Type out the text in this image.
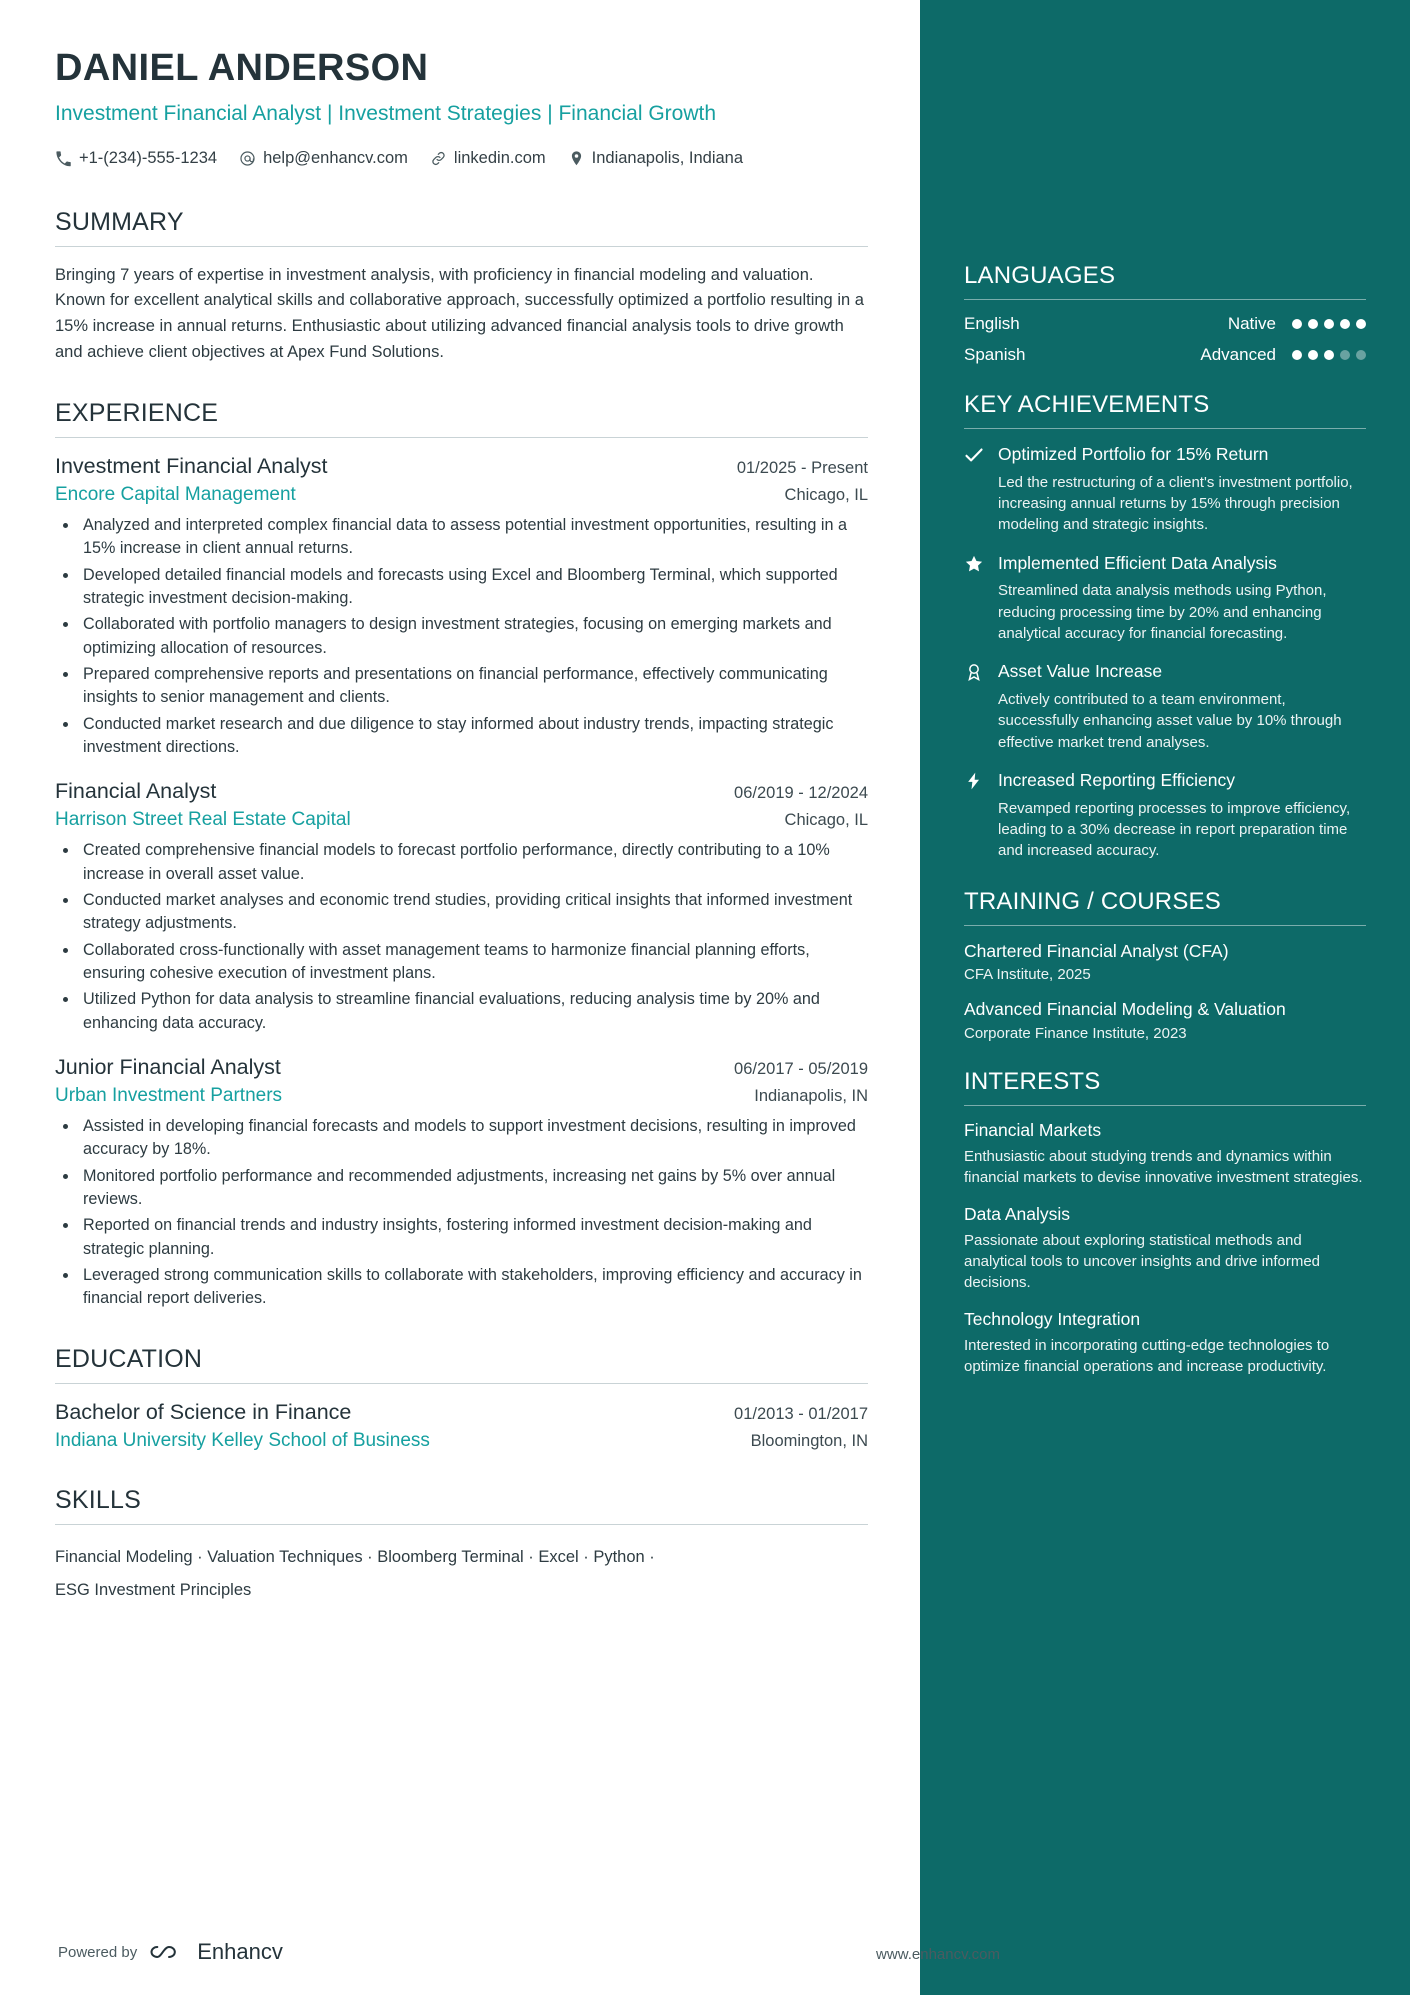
DANIEL ANDERSON
Investment Financial Analyst | Investment Strategies | Financial Growth
+1-(234)-555-1234	help@enhancv.com	linkedin.com	Indianapolis, Indiana
SUMMARY
Bringing 7 years of expertise in investment analysis, with proficiency in financial modeling and valuation. Known for excellent analytical skills and collaborative approach, successfully optimized a portfolio resulting in a 15% increase in annual returns. Enthusiastic about utilizing advanced financial analysis tools to drive growth and achieve client objectives at Apex Fund Solutions.
EXPERIENCE
Investment Financial Analyst	01/2025 - Present
Encore Capital Management	Chicago, IL
• Analyzed and interpreted complex financial data to assess potential investment opportunities, resulting in a 15% increase in client annual returns.
• Developed detailed financial models and forecasts using Excel and Bloomberg Terminal, which supported strategic investment decision-making.
• Collaborated with portfolio managers to design investment strategies, focusing on emerging markets and optimizing allocation of resources.
• Prepared comprehensive reports and presentations on financial performance, effectively communicating insights to senior management and clients.
• Conducted market research and due diligence to stay informed about industry trends, impacting strategic investment directions.
Financial Analyst	06/2019 - 12/2024
Harrison Street Real Estate Capital	Chicago, IL
• Created comprehensive financial models to forecast portfolio performance, directly contributing to a 10% increase in overall asset value.
• Conducted market analyses and economic trend studies, providing critical insights that informed investment strategy adjustments.
• Collaborated cross-functionally with asset management teams to harmonize financial planning efforts, ensuring cohesive execution of investment plans.
• Utilized Python for data analysis to streamline financial evaluations, reducing analysis time by 20% and enhancing data accuracy.
Junior Financial Analyst	06/2017 - 05/2019
Urban Investment Partners	Indianapolis, IN
• Assisted in developing financial forecasts and models to support investment decisions, resulting in improved accuracy by 18%.
• Monitored portfolio performance and recommended adjustments, increasing net gains by 5% over annual reviews.
• Reported on financial trends and industry insights, fostering informed investment decision-making and strategic planning.
• Leveraged strong communication skills to collaborate with stakeholders, improving efficiency and accuracy in financial report deliveries.
EDUCATION
Bachelor of Science in Finance	01/2013 - 01/2017
Indiana University Kelley School of Business	Bloomington, IN
SKILLS
Financial Modeling · Valuation Techniques · Bloomberg Terminal · Excel · Python ·
ESG Investment Principles
LANGUAGES
English	Native
Spanish	Advanced
KEY ACHIEVEMENTS
Optimized Portfolio for 15% Return
Led the restructuring of a client's investment portfolio, increasing annual returns by 15% through precision modeling and strategic insights.
Implemented Efficient Data Analysis
Streamlined data analysis methods using Python, reducing processing time by 20% and enhancing analytical accuracy for financial forecasting.
Asset Value Increase
Actively contributed to a team environment, successfully enhancing asset value by 10% through effective market trend analyses.
Increased Reporting Efficiency
Revamped reporting processes to improve efficiency, leading to a 30% decrease in report preparation time and increased accuracy.
TRAINING / COURSES
Chartered Financial Analyst (CFA)
CFA Institute, 2025
Advanced Financial Modeling & Valuation
Corporate Finance Institute, 2023
INTERESTS
Financial Markets
Enthusiastic about studying trends and dynamics within financial markets to devise innovative investment strategies.
Data Analysis
Passionate about exploring statistical methods and analytical tools to uncover insights and drive informed decisions.
Technology Integration
Interested in incorporating cutting-edge technologies to optimize financial operations and increase productivity.
Powered by	Enhancv	www.enhancv.com
